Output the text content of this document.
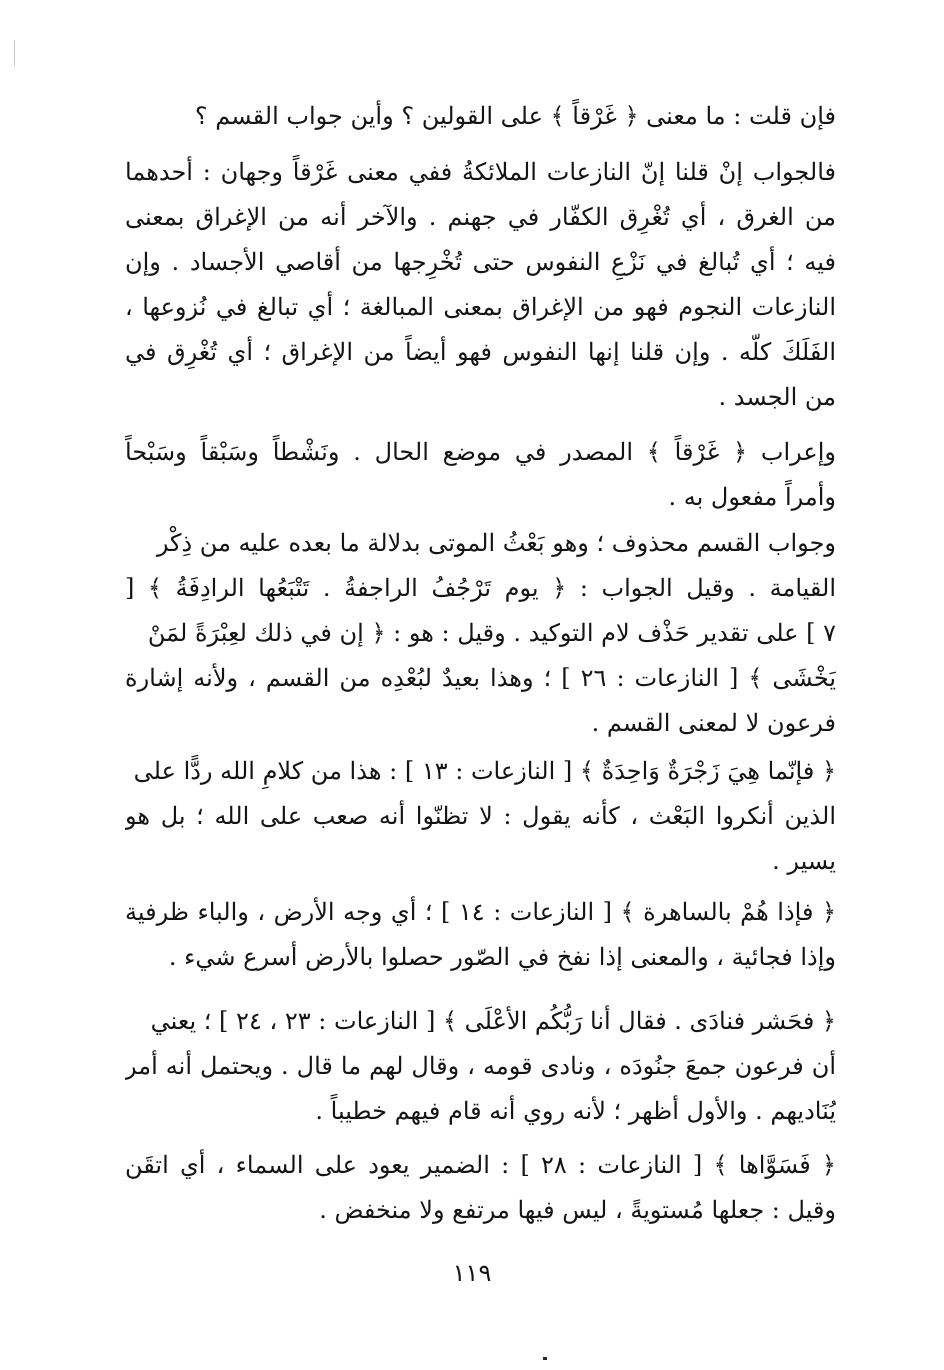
فإن قلت : ما معنى ﴿ غَرْقاً ﴾ على القولين ؟ وأين جواب القسم ؟
فالجواب إنْ قلنا إنّ النازعات الملائكةُ ففي معنى غَرْقاً وجهان : أحدهما
من الغرق ، أي تُغْرِق الكفّار في جهنم . والآخر أنه من الإغراق بمعنى
فيه ؛ أي تُبالغ في نَزْعِ النفوس حتى تُخْرِجها من أقاصي الأجساد . وإن
النازعات النجوم فهو من الإغراق بمعنى المبالغة ؛ أي تبالغ في نُزوعها ،
الفَلَكَ كلّه . وإن قلنا إنها النفوس فهو أيضاً من الإغراق ؛ أي تُغْرِق في
من الجسد .
وإعراب ﴿ غَرْقاً ﴾ المصدر في موضع الحال . ونَشْطاً وسَبْقاً وسَبْحاً
وأمراً مفعول به .
وجواب القسم محذوف ؛ وهو بَعْثُ الموتى بدلالة ما بعده عليه من ذِكْر
القيامة . وقيل الجواب : ﴿ يوم تَرْجُفُ الراجفةُ . تَتْبَعُها الرادِفَةُ ﴾ [
٧ ] على تقدير حَذْف لام التوكيد . وقيل : هو : ﴿ إن في ذلك لعِبْرَةً لمَنْ
يَخْشَى ﴾ [ النازعات : ٢٦ ] ؛ وهذا بعيدٌ لبُعْدِه من القسم ، ولأنه إشارة
فرعون لا لمعنى القسم .
﴿ فإنّما هِيَ زَجْرَةٌ وَاحِدَةٌ ﴾ [ النازعات : ١٣ ] : هذا من كلامِ الله ردًّا على
الذين أنكروا البَعْث ، كأنه يقول : لا تظنّوا أنه صعب على الله ؛ بل هو
يسير .
﴿ فإذا هُمْ بالساهرة ﴾ [ النازعات : ١٤ ] ؛ أي وجه الأرض ، والباء ظرفية
وإذا فجائية ، والمعنى إذا نفخ في الصّور حصلوا بالأرض أسرع شيء .
﴿ فحَشر فنادَى . فقال أنا رَبُّكُم الأعْلَى ﴾ [ النازعات : ٢٣ ، ٢٤ ] ؛ يعني
أن فرعون جمعَ جنُودَه ، ونادى قومه ، وقال لهم ما قال . ويحتمل أنه أمر
يُنَاديهم . والأول أظهر ؛ لأنه روي أنه قام فيهم خطيباً .
﴿ فَسَوَّاها ﴾ [ النازعات : ٢٨ ] : الضمير يعود على السماء ، أي اتقَن
وقيل : جعلها مُستويةً ، ليس فيها مرتفع ولا منخفض .
١١٩
